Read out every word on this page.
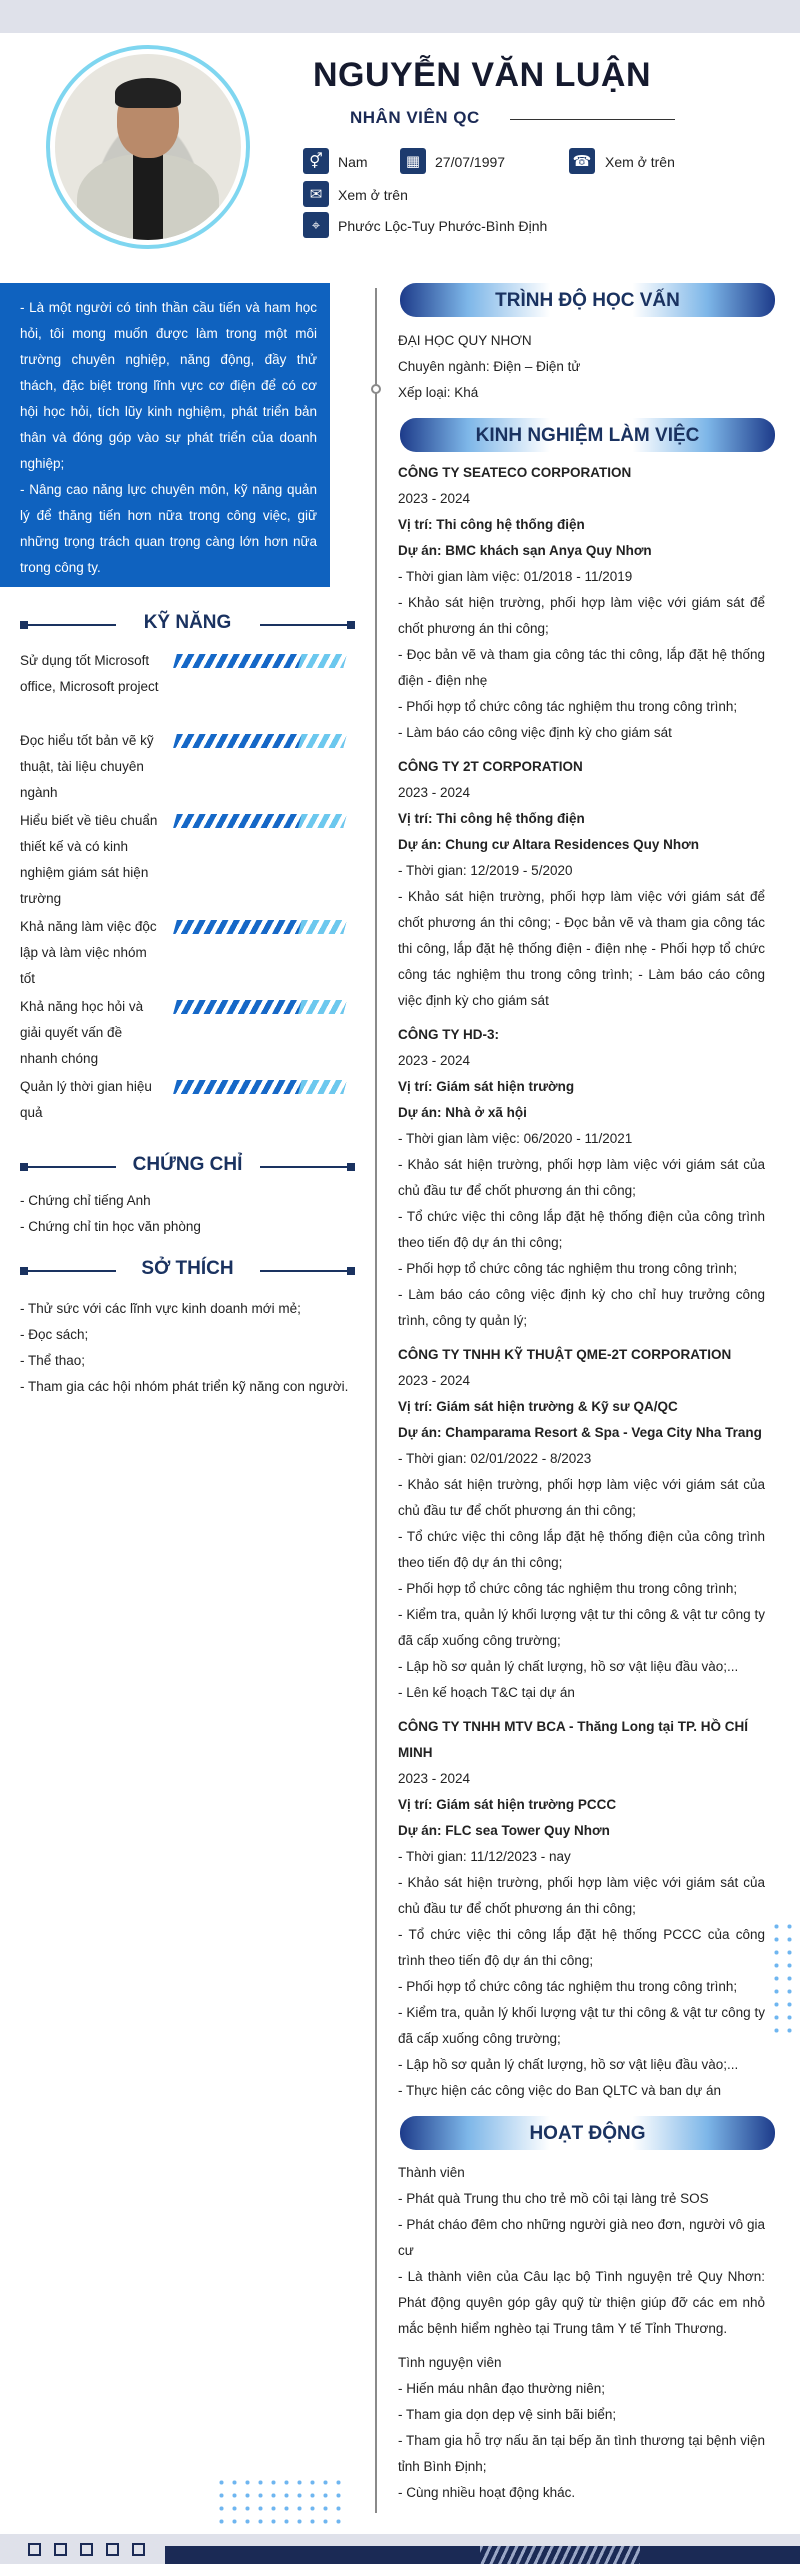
NGUYỄN VĂN LUẬN
NHÂN VIÊN QC
⚥	Nam	▦	27/07/1997	☎ Xem ở trên
✉	Xem ở trên
⌖	Phước Lộc-Tuy Phước-Bình Định

- Là một người có tinh thần cầu tiến và ham học hỏi, tôi mong muốn được làm trong một môi trường chuyên nghiệp, năng động, đầy thử thách, đặc biệt trong lĩnh vực cơ điện để có cơ hội học hỏi, tích lũy kinh nghiệm, phát triển bản thân và đóng góp vào sự phát triển của doanh nghiệp;

- Nâng cao năng lực chuyên môn, kỹ năng quản lý để thăng tiến hơn nữa trong công việc, giữ những trọng trách quan trọng càng lớn hơn nữa trong công ty.

KỸ NĂNG
Sử dụng tốt Microsoft office, Microsoft project
Đọc hiểu tốt bản vẽ kỹ thuật, tài liệu chuyên ngành
Hiểu biết về tiêu chuẩn thiết kế và có kinh nghiệm giám sát hiện trường
Khả năng làm việc độc lập và làm việc nhóm tốt
Khả năng học hỏi và giải quyết vấn đề nhanh chóng
Quản lý thời gian hiệu quả
CHỨNG CHỈ
- Chứng chỉ tiếng Anh
- Chứng chỉ tin học văn phòng
SỞ THÍCH

- Thử sức với các lĩnh vực kinh doanh mới mẻ;

- Đọc sách;

- Thể thao;

- Tham gia các hội nhóm phát triển kỹ năng con người.

TRÌNH ĐỘ HỌC VẤN
ĐẠI HỌC QUY NHƠN
Chuyên ngành: Điện – Điện tử
Xếp loại: Khá
KINH NGHIỆM LÀM VIỆC
CÔNG TY SEATECO CORPORATION
2023 - 2024
Vị trí: Thi công hệ thống điện
Dự án: BMC khách sạn Anya Quy Nhơn

- Thời gian làm việc: 01/2018 - 11/2019

- Khảo sát hiện trường, phối hợp làm việc với giám sát để chốt phương án thi công;

- Đọc bản vẽ và tham gia công tác thi công, lắp đặt hệ thống điện - điện nhẹ

- Phối hợp tổ chức công tác nghiệm thu trong công trình;

- Làm báo cáo công việc định kỳ cho giám sát

CÔNG TY 2T CORPORATION
2023 - 2024
Vị trí: Thi công hệ thống điện
Dự án: Chung cư Altara Residences Quy Nhơn

- Thời gian: 12/2019 - 5/2020

- Khảo sát hiện trường, phối hợp làm việc với giám sát để chốt phương án thi công; - Đọc bản vẽ và tham gia công tác thi công, lắp đặt hệ thống điện - điện nhẹ - Phối hợp tổ chức công tác nghiệm thu trong công trình; - Làm báo cáo công việc định kỳ cho giám sát

CÔNG TY HD-3:
2023 - 2024
Vị trí: Giám sát hiện trường
Dự án: Nhà ở xã hội

- Thời gian làm việc: 06/2020 - 11/2021

- Khảo sát hiện trường, phối hợp làm việc với giám sát của chủ đầu tư để chốt phương án thi công;

- Tổ chức việc thi công lắp đặt hệ thống điện của công trình theo tiến độ dự án thi công;

- Phối hợp tổ chức công tác nghiệm thu trong công trình;

- Làm báo cáo công việc định kỳ cho chỉ huy trưởng công trình, công ty quản lý;

CÔNG TY TNHH KỸ THUẬT QME-2T CORPORATION
2023 - 2024
Vị trí: Giám sát hiện trường & Kỹ sư QA/QC
Dự án: Champarama Resort & Spa - Vega City Nha Trang

- Thời gian: 02/01/2022 - 8/2023

- Khảo sát hiện trường, phối hợp làm việc với giám sát của chủ đầu tư để chốt phương án thi công;

- Tổ chức việc thi công lắp đặt hệ thống điện của công trình theo tiến độ dự án thi công;

- Phối hợp tổ chức công tác nghiệm thu trong công trình;

- Kiểm tra, quản lý khối lượng vật tư thi công & vật tư công ty đã cấp xuống công trường;

- Lập hồ sơ quản lý chất lượng, hồ sơ vật liệu đầu vào;...

- Lên kế hoạch T&C tại dự án

CÔNG TY TNHH MTV BCA - Thăng Long tại TP. HỒ CHÍ MINH
2023 - 2024
Vị trí: Giám sát hiện trường PCCC
Dự án: FLC sea Tower Quy Nhơn

- Thời gian: 11/12/2023 - nay

- Khảo sát hiện trường, phối hợp làm việc với giám sát của chủ đầu tư để chốt phương án thi công;

- Tổ chức việc thi công lắp đặt hệ thống PCCC của công trình theo tiến độ dự án thi công;

- Phối hợp tổ chức công tác nghiệm thu trong công trình;

- Kiểm tra, quản lý khối lượng vật tư thi công & vật tư công ty đã cấp xuống công trường;

- Lập hồ sơ quản lý chất lượng, hồ sơ vật liệu đầu vào;...

- Thực hiện các công việc do Ban QLTC và ban dự án

HOẠT ĐỘNG
Thành viên

- Phát quà Trung thu cho trẻ mồ côi tại làng trẻ SOS

- Phát cháo đêm cho những người già neo đơn, người vô gia cư

- Là thành viên của Câu lạc bộ Tình nguyện trẻ Quy Nhơn: Phát động quyên góp gây quỹ từ thiện giúp đỡ các em nhỏ mắc bệnh hiểm nghèo tại Trung tâm Y tế Tỉnh Thương.

Tình nguyện viên

- Hiến máu nhân đạo thường niên;

- Tham gia dọn dẹp vệ sinh bãi biển;

- Tham gia hỗ trợ nấu ăn tại bếp ăn tình thương tại bệnh viện tỉnh Bình Định;

- Cùng nhiều hoạt động khác.
